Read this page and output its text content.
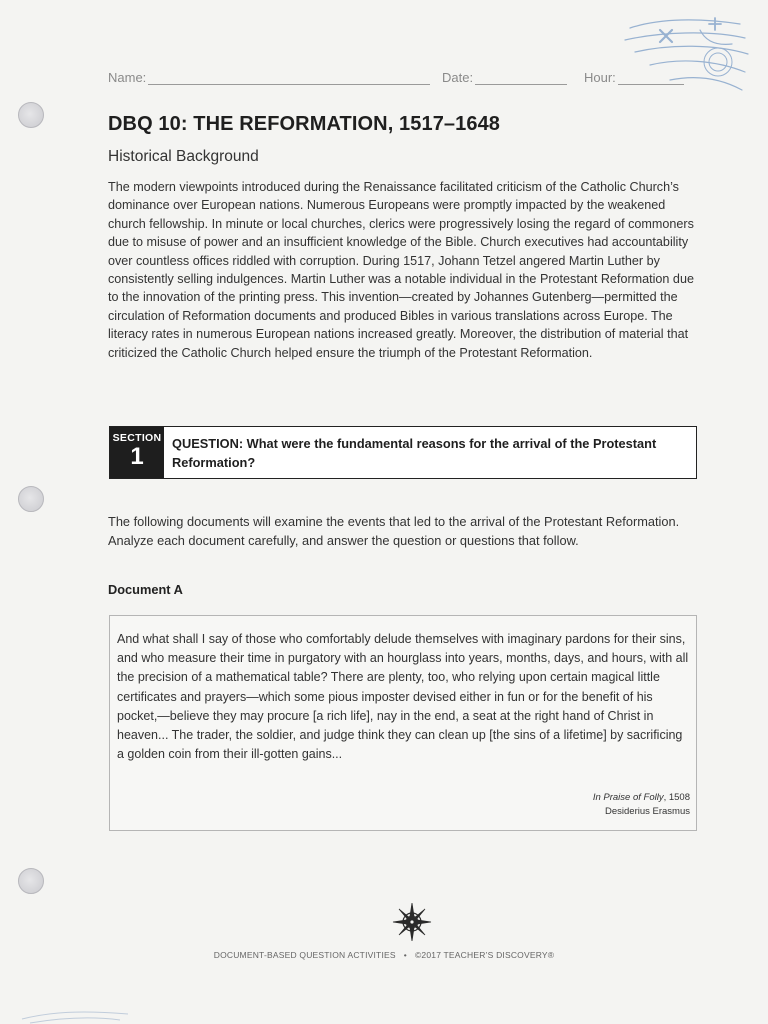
Name:	Date:	Hour:
DBQ 10: THE REFORMATION, 1517–1648
Historical Background

The modern viewpoints introduced during the Renaissance facilitated criticism of the Catholic Church’s dominance over European nations. Numerous Europeans were promptly impacted by the weakened church fellowship. In minute or local churches, clerics were progressively losing the regard of commoners due to misuse of power and an insufficient knowledge of the Bible. Church executives had accountability over countless offices riddled with corruption. During 1517, Johann Tetzel angered Martin Luther by consistently selling indulgences. Martin Luther was a notable individual in the Protestant Reformation due to the innovation of the printing press. This invention—created by Johannes Gutenberg—permitted the circulation of Reformation documents and produced Bibles in various translations across Europe. The literacy rates in numerous European nations increased greatly. Moreover, the distribution of material that criticized the Catholic Church helped ensure the triumph of the Protestant Reformation.

SECTION
1	QUESTION: What were the fundamental reasons for the arrival of the Protestant Reformation?
The following documents will examine the events that led to the arrival of the Protestant Reformation. Analyze each document carefully, and answer the question or questions that follow.
Document A
And what shall I say of those who comfortably delude themselves with imaginary pardons for their sins, and who measure their time in purgatory with an hourglass into years, months, days, and hours, with all the precision of a mathematical table? There are plenty, too, who relying upon certain magical little certificates and prayers—which some pious imposter devised either in fun or for the benefit of his pocket,—believe they may procure [a rich life], nay in the end, a seat at the right hand of Christ in heaven... The trader, the soldier, and judge think they can clean up [the sins of a lifetime] by sacrificing a golden coin from their ill-gotten gains...
In Praise of Folly, 1508
Desiderius Erasmus
DOCUMENT-BASED QUESTION ACTIVITIES • ©2017 TEACHER’S DISCOVERY®
